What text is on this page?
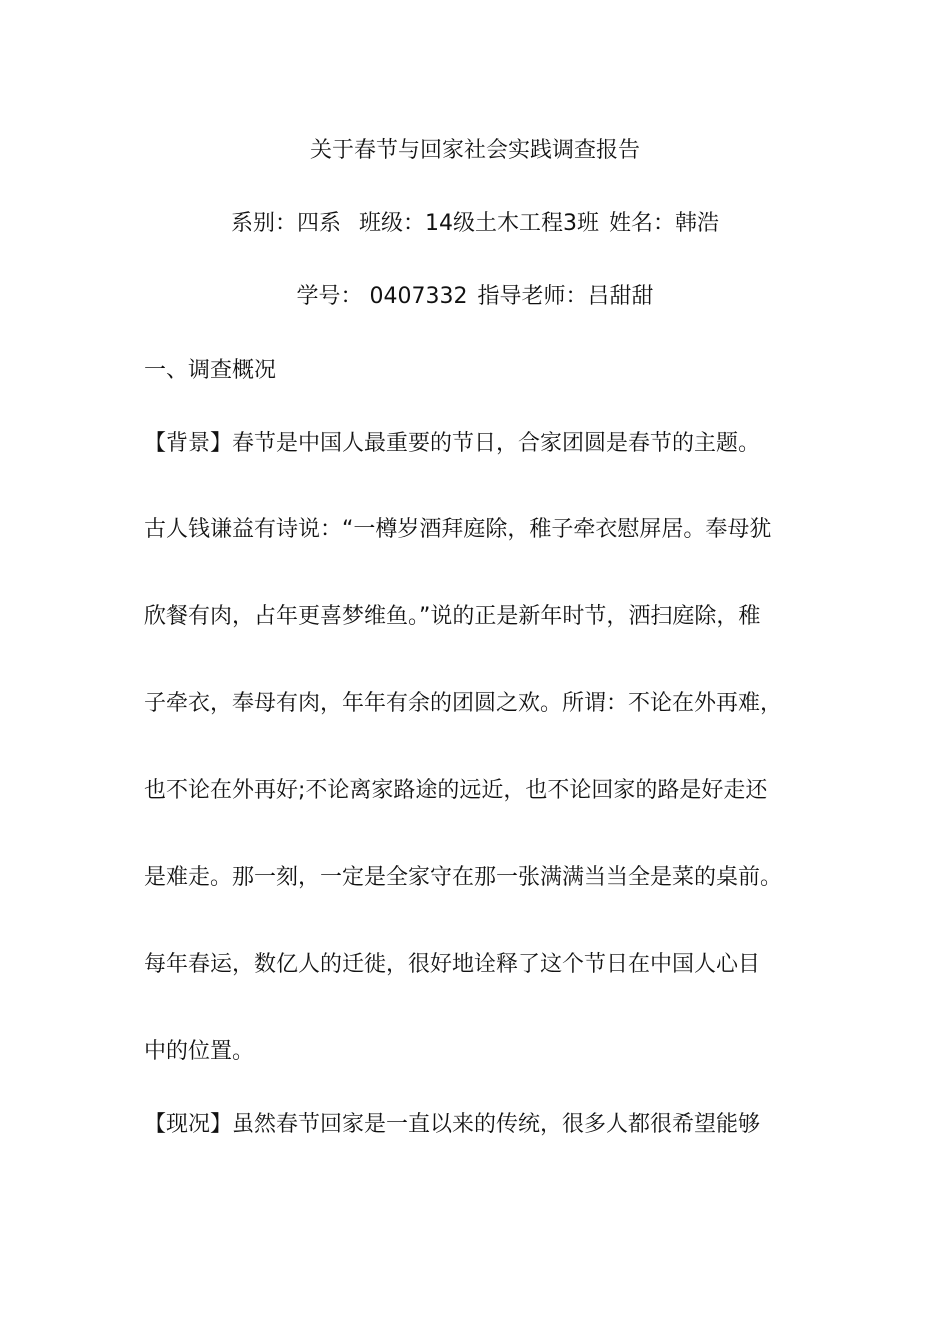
关于春节与回家社会实践调查报告
系别：四系 班级：14级土木工程3班 姓名：韩浩
学号： 0407332 指导老师：吕甜甜
一、调查概况
【背景】春节是中国人最重要的节日，合家团圆是春节的主题。
古人钱谦益有诗说：“一樽岁酒拜庭除，稚子牵衣慰屏居。奉母犹
欣餐有肉，占年更喜梦维鱼。”说的正是新年时节，洒扫庭除，稚
子牵衣，奉母有肉，年年有余的团圆之欢。所谓：不论在外再难，
也不论在外再好;不论离家路途的远近，也不论回家的路是好走还
是难走。那一刻，一定是全家守在那一张满满当当全是菜的桌前。
每年春运，数亿人的迁徙，很好地诠释了这个节日在中国人心目
中的位置。
【现况】虽然春节回家是一直以来的传统，很多人都很希望能够
